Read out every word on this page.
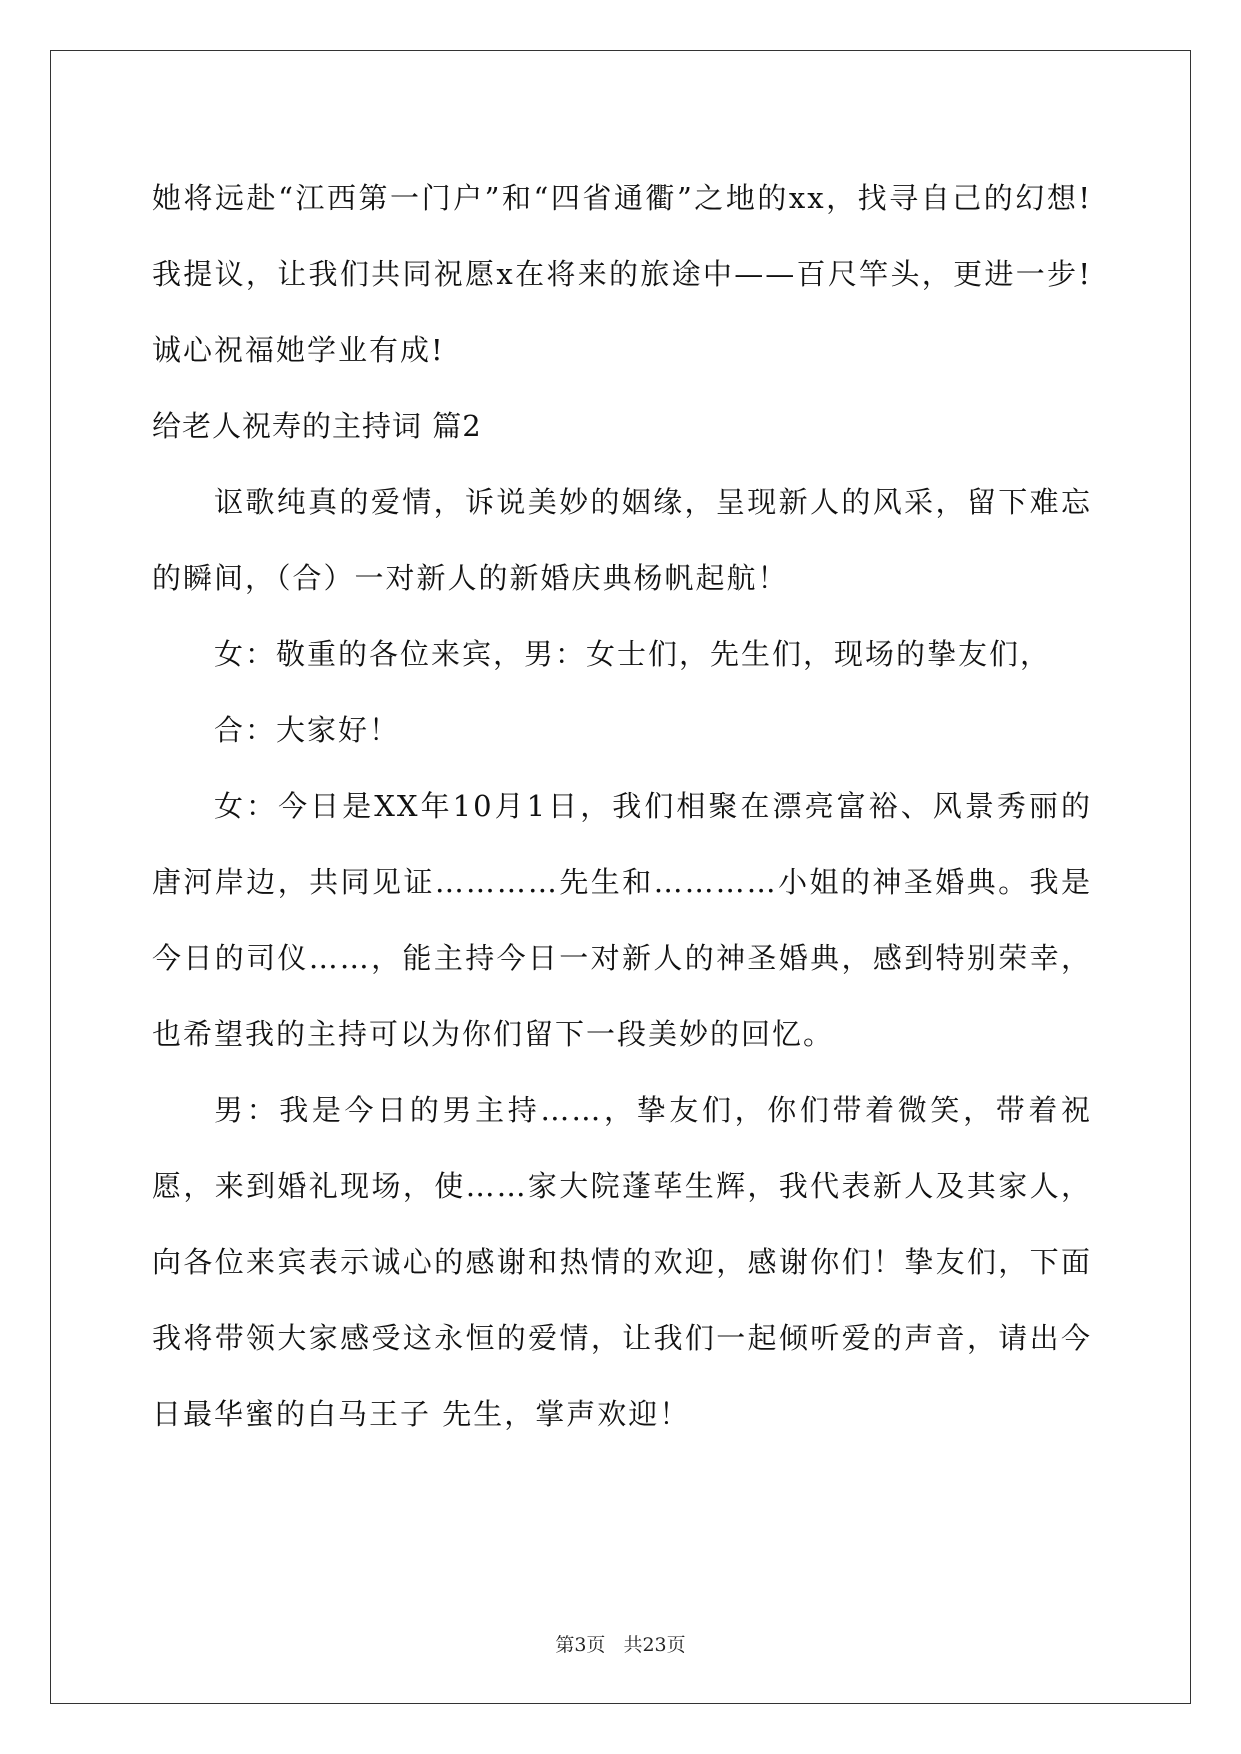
她将远赴“江西第一门户”和“四省通衢”之地的xx，找寻自己的幻想!我提议，让我们共同祝愿x在将来的旅途中——百尺竿头，更进一步!诚心祝福她学业有成!

给老人祝寿的主持词 篇2

讴歌纯真的爱情，诉说美妙的姻缘，呈现新人的风采，留下难忘的瞬间，（合）一对新人的新婚庆典杨帆起航！

女：敬重的各位来宾，男：女士们，先生们，现场的挚友们，

合：大家好！

女：今日是XX年10月1日，我们相聚在漂亮富裕、风景秀丽的唐河岸边，共同见证…………先生和…………小姐的神圣婚典。我是今日的司仪……，能主持今日一对新人的神圣婚典，感到特别荣幸，也希望我的主持可以为你们留下一段美妙的回忆。

男：我是今日的男主持……，挚友们，你们带着微笑，带着祝愿，来到婚礼现场，使……家大院蓬荜生辉，我代表新人及其家人，向各位来宾表示诚心的感谢和热情的欢迎，感谢你们！挚友们，下面我将带领大家感受这永恒的爱情，让我们一起倾听爱的声音，请出今日最华蜜的白马王子 先生，掌声欢迎！

第3页 共23页
